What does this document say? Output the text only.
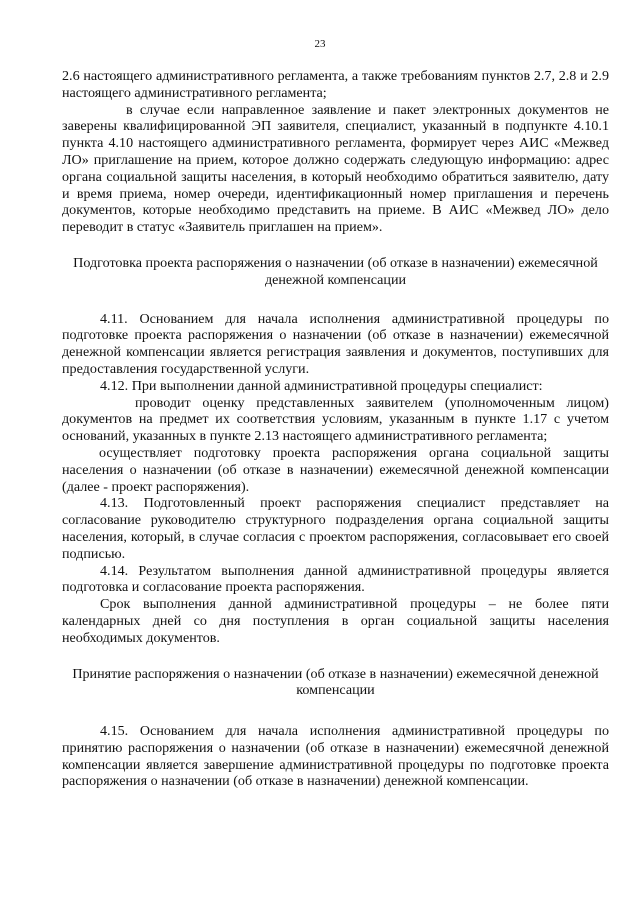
23

2.6 настоящего административного регламента, а также требованиям пунктов 2.7, 2.8 и 2.9 настоящего административного регламента;

в случае если направленное заявление и пакет электронных документов не заверены квалифицированной ЭП заявителя, специалист, указанный в подпункте 4.10.1 пункта 4.10 настоящего административного регламента, формирует через АИС «Межвед ЛО» приглашение на прием, которое должно содержать следующую информацию: адрес органа социальной защиты населения, в который необходимо обратиться заявителю, дату и время приема, номер очереди, идентификационный номер приглашения и перечень документов, которые необходимо представить на приеме. В АИС «Межвед ЛО» дело переводит в статус «Заявитель приглашен на прием».

Подготовка проекта распоряжения о назначении (об отказе в назначении) ежемесячной денежной компенсации

4.11. Основанием для начала исполнения административной процедуры по подготовке проекта распоряжения о назначении (об отказе в назначении) ежемесячной денежной компенсации является регистрация заявления и документов, поступивших для предоставления государственной услуги.

4.12. При выполнении данной административной процедуры специалист:

проводит оценку представленных заявителем (уполномоченным лицом) документов на предмет их соответствия условиям, указанным в пункте 1.17 с учетом оснований, указанных в пункте 2.13 настоящего административного регламента;

осуществляет подготовку проекта распоряжения органа социальной защиты населения о назначении (об отказе в назначении) ежемесячной денежной компенсации (далее - проект распоряжения).

4.13. Подготовленный проект распоряжения специалист представляет на согласование руководителю структурного подразделения органа социальной защиты населения, который, в случае согласия с проектом распоряжения, согласовывает его своей подписью.

4.14. Результатом выполнения данной административной процедуры является подготовка и согласование проекта распоряжения.

Срок выполнения данной административной процедуры – не более пяти календарных дней со дня поступления в орган социальной защиты населения необходимых документов.

Принятие распоряжения о назначении (об отказе в назначении) ежемесячной денежной компенсации

4.15. Основанием для начала исполнения административной процедуры по принятию распоряжения о назначении (об отказе в назначении) ежемесячной денежной компенсации является завершение административной процедуры по подготовке проекта распоряжения о назначении (об отказе в назначении) денежной компенсации.
